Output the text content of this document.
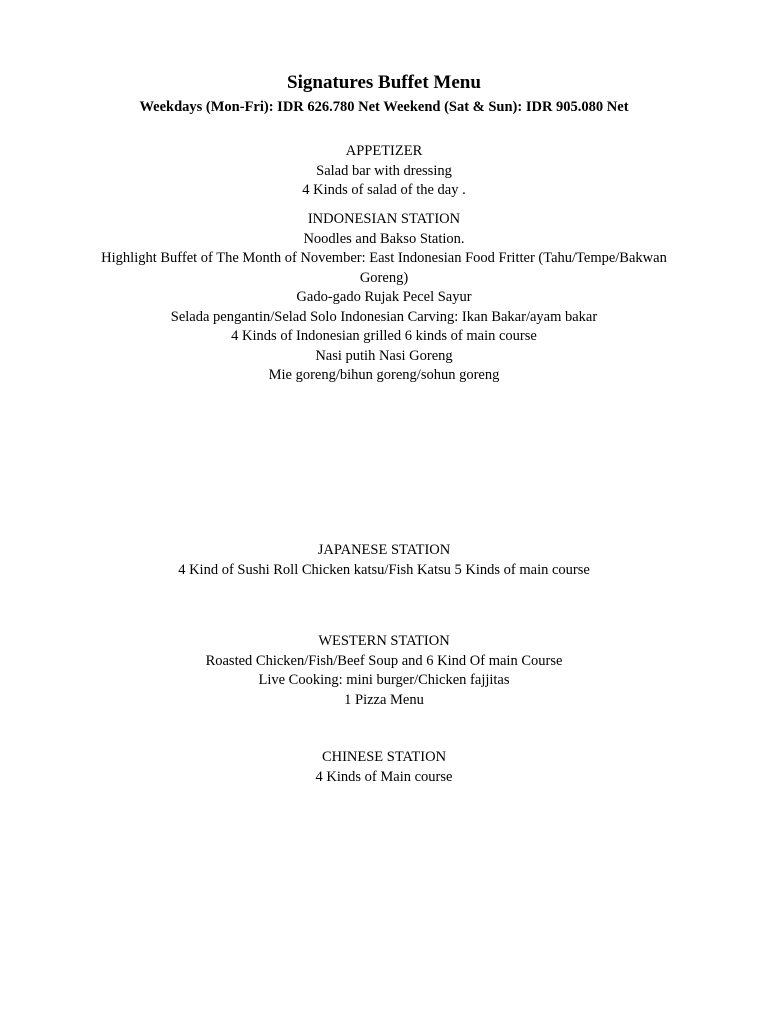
Signatures Buffet Menu
Weekdays (Mon-Fri): IDR 626.780 Net Weekend (Sat & Sun): IDR 905.080 Net
APPETIZER
Salad bar with dressing
4 Kinds of salad of the day .
INDONESIAN STATION
Noodles and Bakso Station.
Highlight Buffet of The Month of November: East Indonesian Food Fritter (Tahu/Tempe/Bakwan Goreng)
Gado-gado Rujak Pecel Sayur
Selada pengantin/Selad Solo Indonesian Carving: Ikan Bakar/ayam bakar
4 Kinds of Indonesian grilled 6 kinds of main course
Nasi putih Nasi Goreng
Mie goreng/bihun goreng/sohun goreng
JAPANESE STATION
4 Kind of Sushi Roll Chicken katsu/Fish Katsu 5 Kinds of main course
WESTERN STATION
Roasted Chicken/Fish/Beef Soup and 6 Kind Of main Course
Live Cooking: mini burger/Chicken fajjitas
1 Pizza Menu
CHINESE STATION
4 Kinds of Main course
